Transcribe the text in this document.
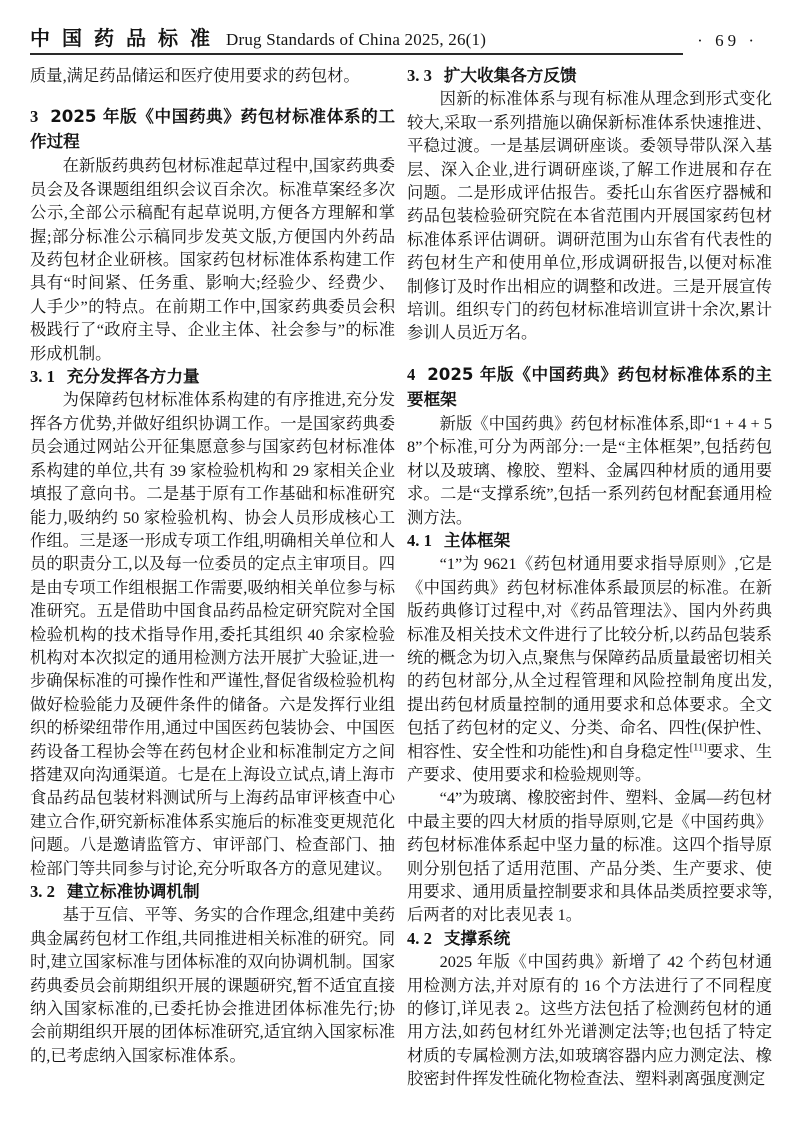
中国药品标准 Drug Standards of China 2025, 26(1)	· 69 ·

质量,满足药品储运和医疗使用要求的药包材。

3 2025 年版《中国药典》药包材标准体系的工作过程

在新版药典药包材标准起草过程中,国家药典委员会及各课题组组织会议百余次。标准草案经多次公示,全部公示稿配有起草说明,方便各方理解和掌握;部分标准公示稿同步发英文版,方便国内外药品及药包材企业研核。国家药包材标准体系构建工作具有“时间紧、任务重、影响大;经验少、经费少、人手少”的特点。在前期工作中,国家药典委员会积极践行了“政府主导、企业主体、社会参与”的标准形成机制。

3. 1 充分发挥各方力量

为保障药包材标准体系构建的有序推进,充分发挥各方优势,并做好组织协调工作。一是国家药典委员会通过网站公开征集愿意参与国家药包材标准体系构建的单位,共有 39 家检验机构和 29 家相关企业填报了意向书。二是基于原有工作基础和标准研究能力,吸纳约 50 家检验机构、协会人员形成核心工作组。三是逐一形成专项工作组,明确相关单位和人员的职责分工,以及每一位委员的定点主审项目。四是由专项工作组根据工作需要,吸纳相关单位参与标准研究。五是借助中国食品药品检定研究院对全国检验机构的技术指导作用,委托其组织 40 余家检验机构对本次拟定的通用检测方法开展扩大验证,进一步确保标准的可操作性和严谨性,督促省级检验机构做好检验能力及硬件条件的储备。六是发挥行业组织的桥梁纽带作用,通过中国医药包装协会、中国医药设备工程协会等在药包材企业和标准制定方之间搭建双向沟通渠道。七是在上海设立试点,请上海市食品药品包装材料测试所与上海药品审评核查中心建立合作,研究新标准体系实施后的标准变更规范化问题。八是邀请监管方、审评部门、检查部门、抽检部门等共同参与讨论,充分听取各方的意见建议。

3. 2 建立标准协调机制

基于互信、平等、务实的合作理念,组建中美药典金属药包材工作组,共同推进相关标准的研究。同时,建立国家标准与团体标准的双向协调机制。国家药典委员会前期组织开展的课题研究,暂不适宜直接纳入国家标准的,已委托协会推进团体标准先行;协会前期组织开展的团体标准研究,适宜纳入国家标准的,已考虑纳入国家标准体系。

3. 3 扩大收集各方反馈

因新的标准体系与现有标准从理念到形式变化较大,采取一系列措施以确保新标准体系快速推进、平稳过渡。一是基层调研座谈。委领导带队深入基层、深入企业,进行调研座谈,了解工作进展和存在问题。二是形成评估报告。委托山东省医疗器械和药品包装检验研究院在本省范围内开展国家药包材标准体系评估调研。调研范围为山东省有代表性的药包材生产和使用单位,形成调研报告,以便对标准制修订及时作出相应的调整和改进。三是开展宣传培训。组织专门的药包材标准培训宣讲十余次,累计参训人员近万名。

4 2025 年版《中国药典》药包材标准体系的主要框架

新版《中国药典》药包材标准体系,即“1 + 4 + 58”个标准,可分为两部分:一是“主体框架”,包括药包材以及玻璃、橡胶、塑料、金属四种材质的通用要求。二是“支撑系统”,包括一系列药包材配套通用检测方法。

4. 1 主体框架

“1”为 9621《药包材通用要求指导原则》,它是《中国药典》药包材标准体系最顶层的标准。在新版药典修订过程中,对《药品管理法》、国内外药典标准及相关技术文件进行了比较分析,以药品包装系统的概念为切入点,聚焦与保障药品质量最密切相关的药包材部分,从全过程管理和风险控制角度出发,提出药包材质量控制的通用要求和总体要求。全文包括了药包材的定义、分类、命名、四性(保护性、相容性、安全性和功能性)和自身稳定性[11]要求、生产要求、使用要求和检验规则等。

“4”为玻璃、橡胶密封件、塑料、金属—药包材中最主要的四大材质的指导原则,它是《中国药典》药包材标准体系起中坚力量的标准。这四个指导原则分别包括了适用范围、产品分类、生产要求、使用要求、通用质量控制要求和具体品类质控要求等,后两者的对比表见表 1。

4. 2 支撑系统

2025 年版《中国药典》新增了 42 个药包材通用检测方法,并对原有的 16 个方法进行了不同程度的修订,详见表 2。这些方法包括了检测药包材的通用方法,如药包材红外光谱测定法等;也包括了特定材质的专属检测方法,如玻璃容器内应力测定法、橡胶密封件挥发性硫化物检查法、塑料剥离强度测定
